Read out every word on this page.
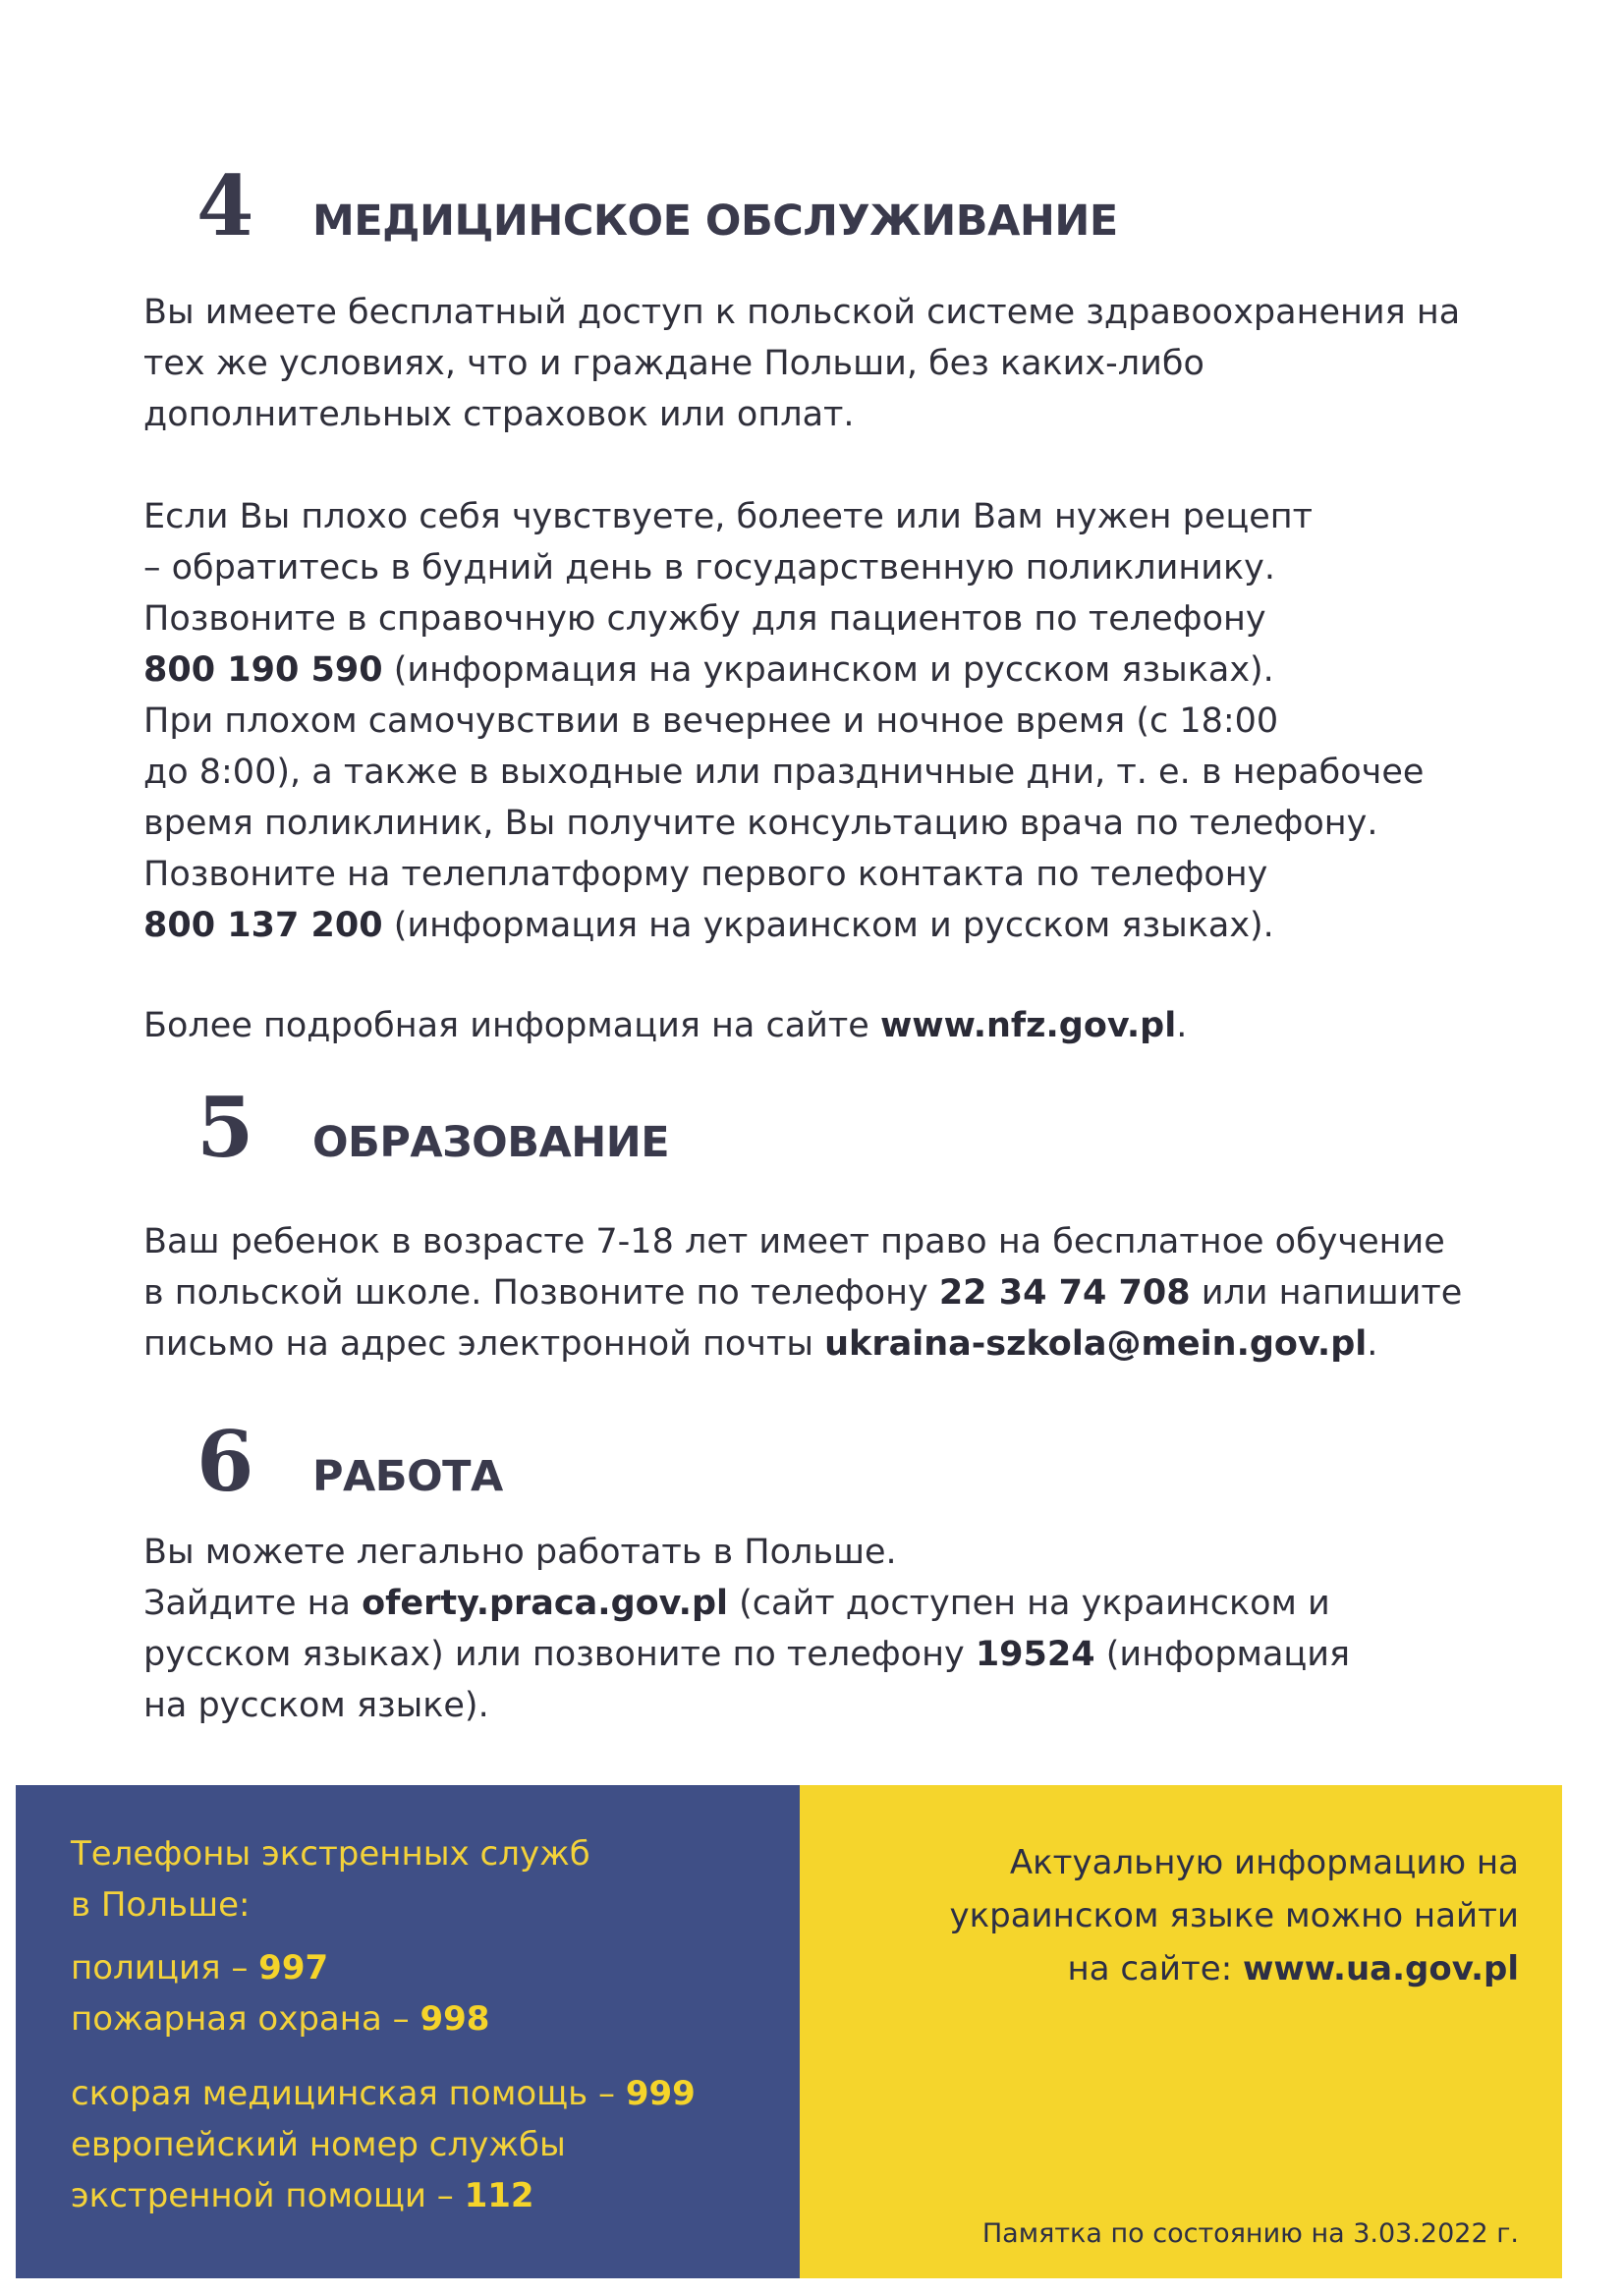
4	МЕДИЦИНСКОЕ ОБСЛУЖИВАНИЕ
Вы имеете бесплатный доступ к польской системе здравоохранения на
тех же условиях, что и граждане Польши, без каких-либо
дополнительных страховок или оплат.
Если Вы плохо себя чувствуете, болеете или Вам нужен рецепт
– обратитесь в будний день в государственную поликлинику.
Позвоните в справочную службу для пациентов по телефону
800 190 590 (информация на украинском и русском языках).
При плохом самочувствии в вечернее и ночное время (с 18:00
до 8:00), а также в выходные или праздничные дни, т. е. в нерабочее
время поликлиник, Вы получите консультацию врача по телефону.
Позвоните на телеплатформу первого контакта по телефону
800 137 200 (информация на украинском и русском языках).
Более подробная информация на сайте www.nfz.gov.pl.
5	ОБРАЗОВАНИЕ
Ваш ребенок в возрасте 7-18 лет имеет право на бесплатное обучение
в польской школе. Позвоните по телефону 22 34 74 708 или напишите
письмо на адрес электронной почты ukraina-szkola@mein.gov.pl.
6	РАБОТА
Вы можете легально работать в Польше.
Зайдите на oferty.praca.gov.pl (сайт доступен на украинском и
русском языках) или позвоните по телефону 19524 (информация
на русском языке).
Телефоны экстренных служб
в Польше:
полиция – 997
пожарная охрана – 998
скорая медицинская помощь – 999
европейский номер службы
экстренной помощи – 112
Актуальную информацию на
украинском языке можно найти
на сайте: www.ua.gov.pl
Памятка по состоянию на 3.03.2022 г.
